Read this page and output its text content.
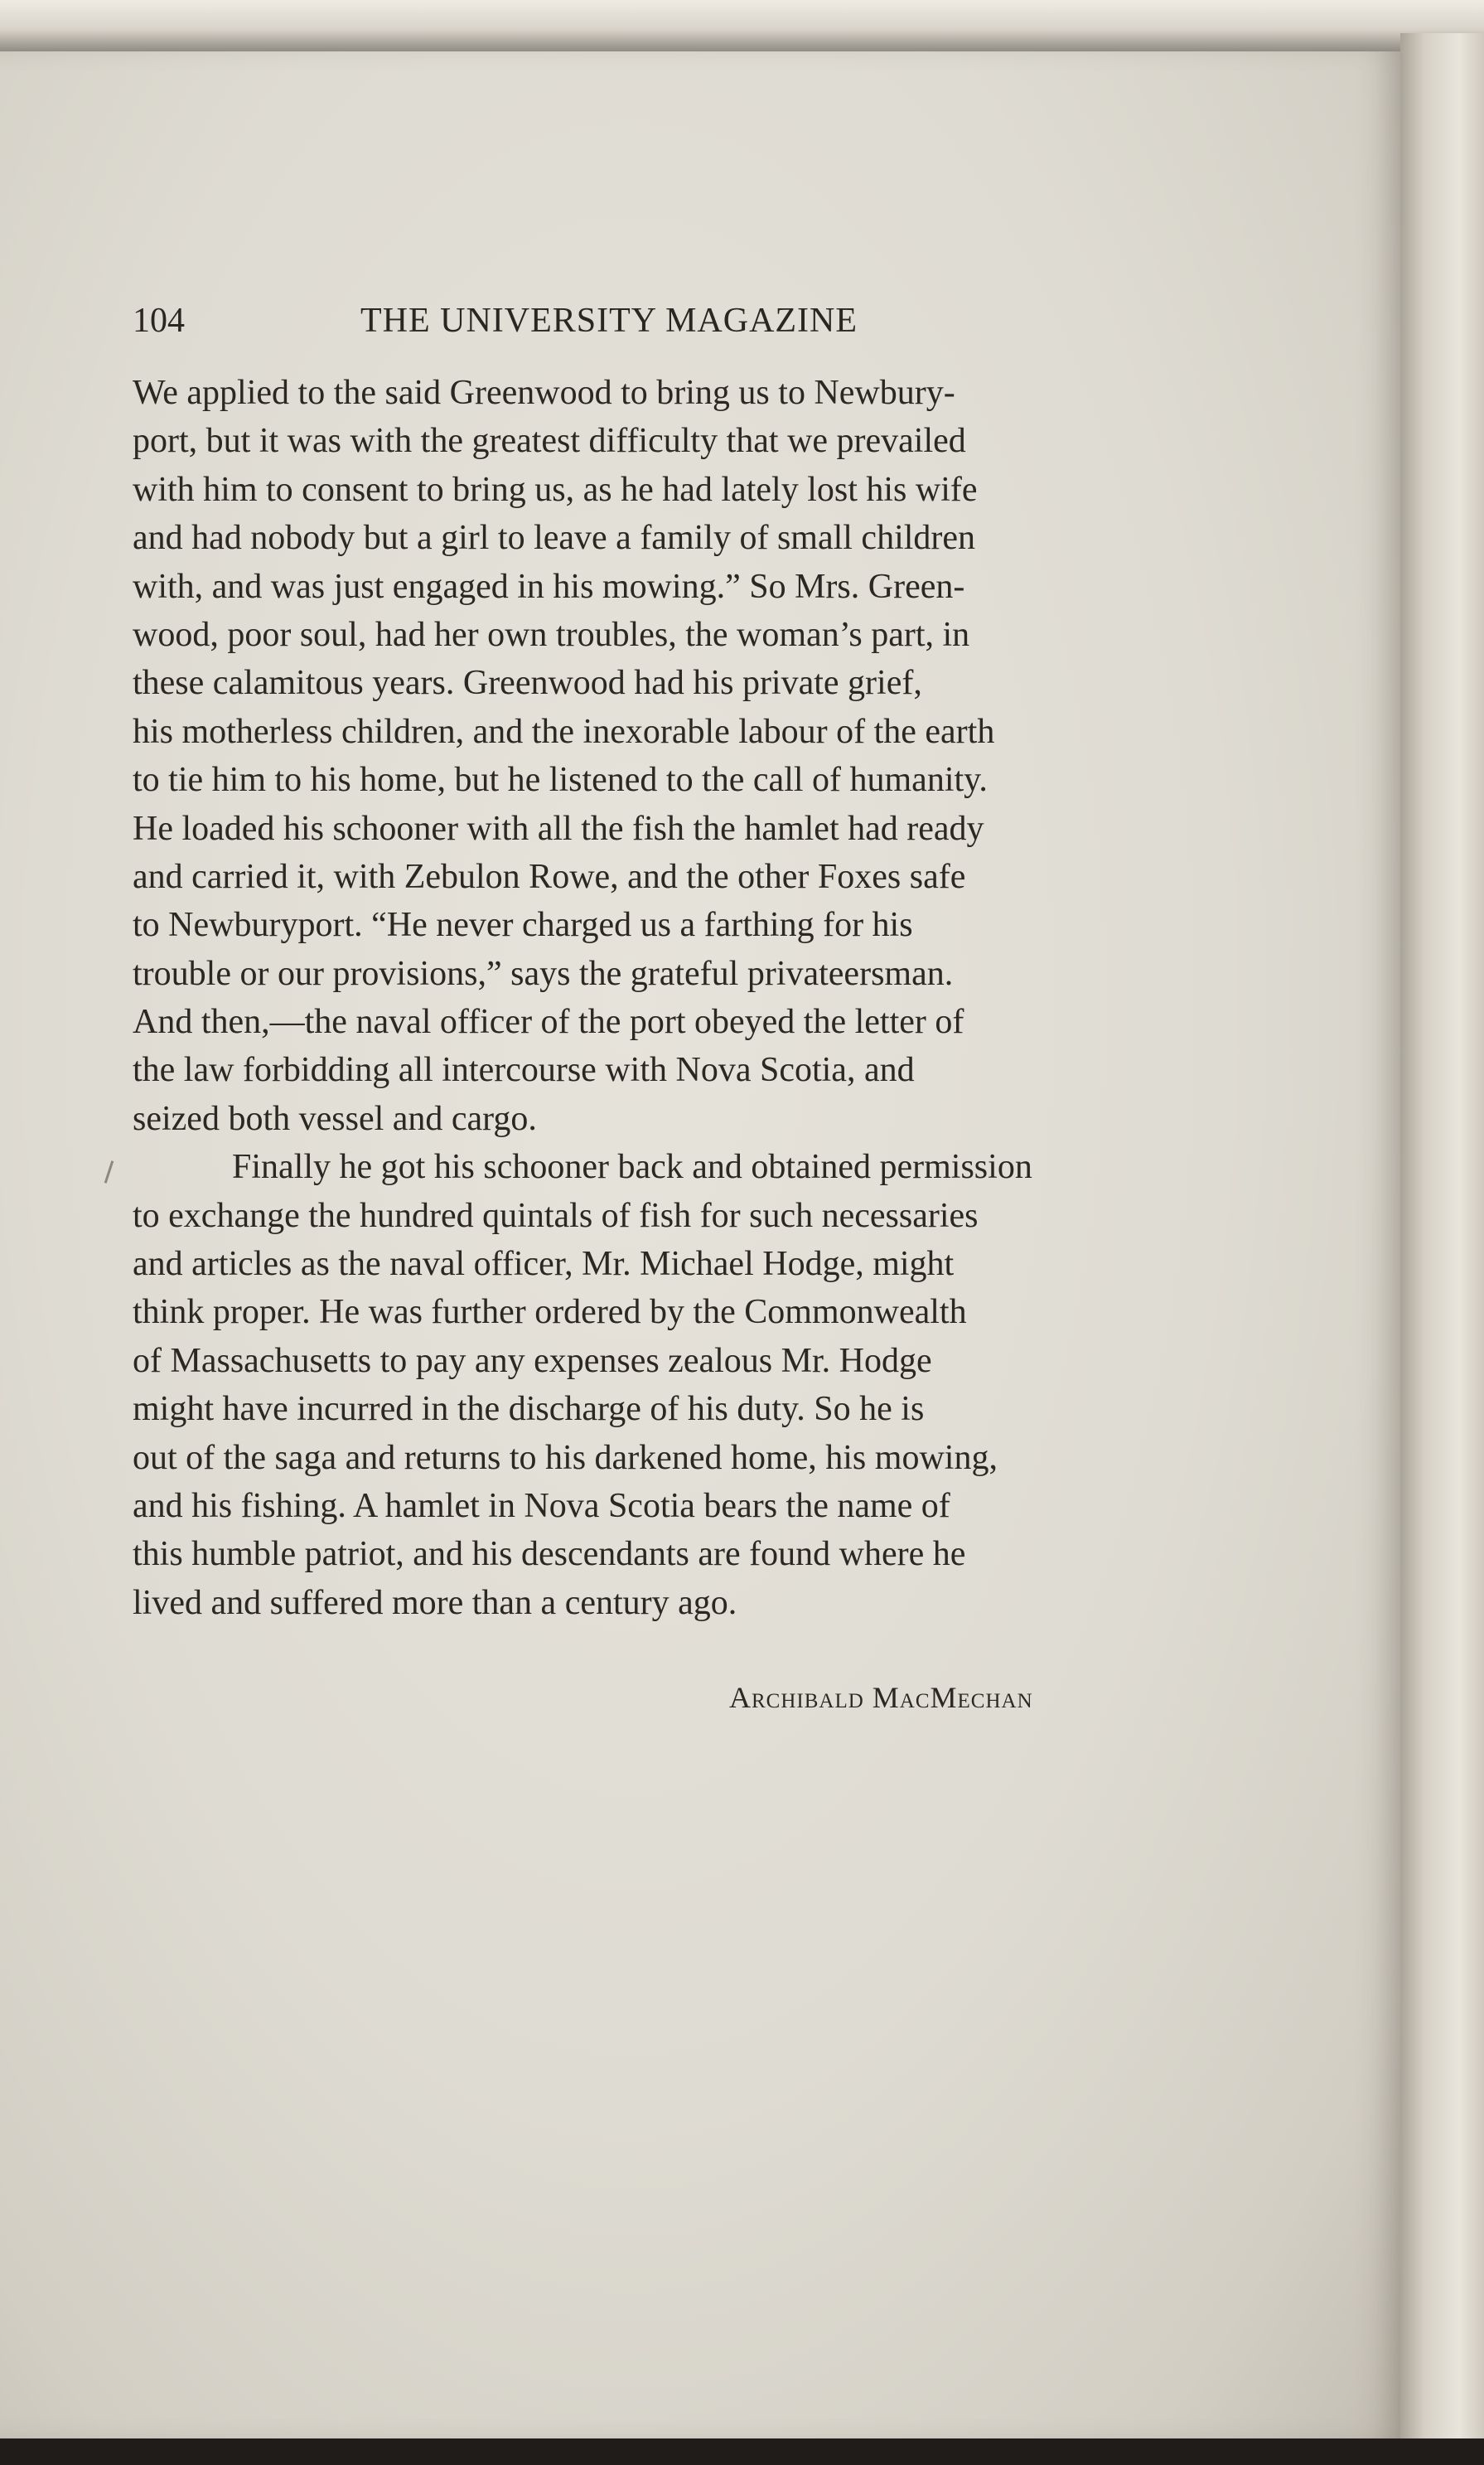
104	THE UNIVERSITY MAGAZINE
We applied to the said Greenwood to bring us to Newbury-
port, but it was with the greatest difficulty that we prevailed
with him to consent to bring us, as he had lately lost his wife
and had nobody but a girl to leave a family of small children
with, and was just engaged in his mowing.” So Mrs. Green-
wood, poor soul, had her own troubles, the woman’s part, in
these calamitous years. Greenwood had his private grief,
his motherless children, and the inexorable labour of the earth
to tie him to his home, but he listened to the call of humanity.
He loaded his schooner with all the fish the hamlet had ready
and carried it, with Zebulon Rowe, and the other Foxes safe
to Newburyport. “He never charged us a farthing for his
trouble or our provisions,” says the grateful privateersman.
And then,—the naval officer of the port obeyed the letter of
the law forbidding all intercourse with Nova Scotia, and
seized both vessel and cargo.
Finally he got his schooner back and obtained permission
to exchange the hundred quintals of fish for such necessaries
and articles as the naval officer, Mr. Michael Hodge, might
think proper. He was further ordered by the Commonwealth
of Massachusetts to pay any expenses zealous Mr. Hodge
might have incurred in the discharge of his duty. So he is
out of the saga and returns to his darkened home, his mowing,
and his fishing. A hamlet in Nova Scotia bears the name of
this humble patriot, and his descendants are found where he
lived and suffered more than a century ago.
Archibald MacMechan
